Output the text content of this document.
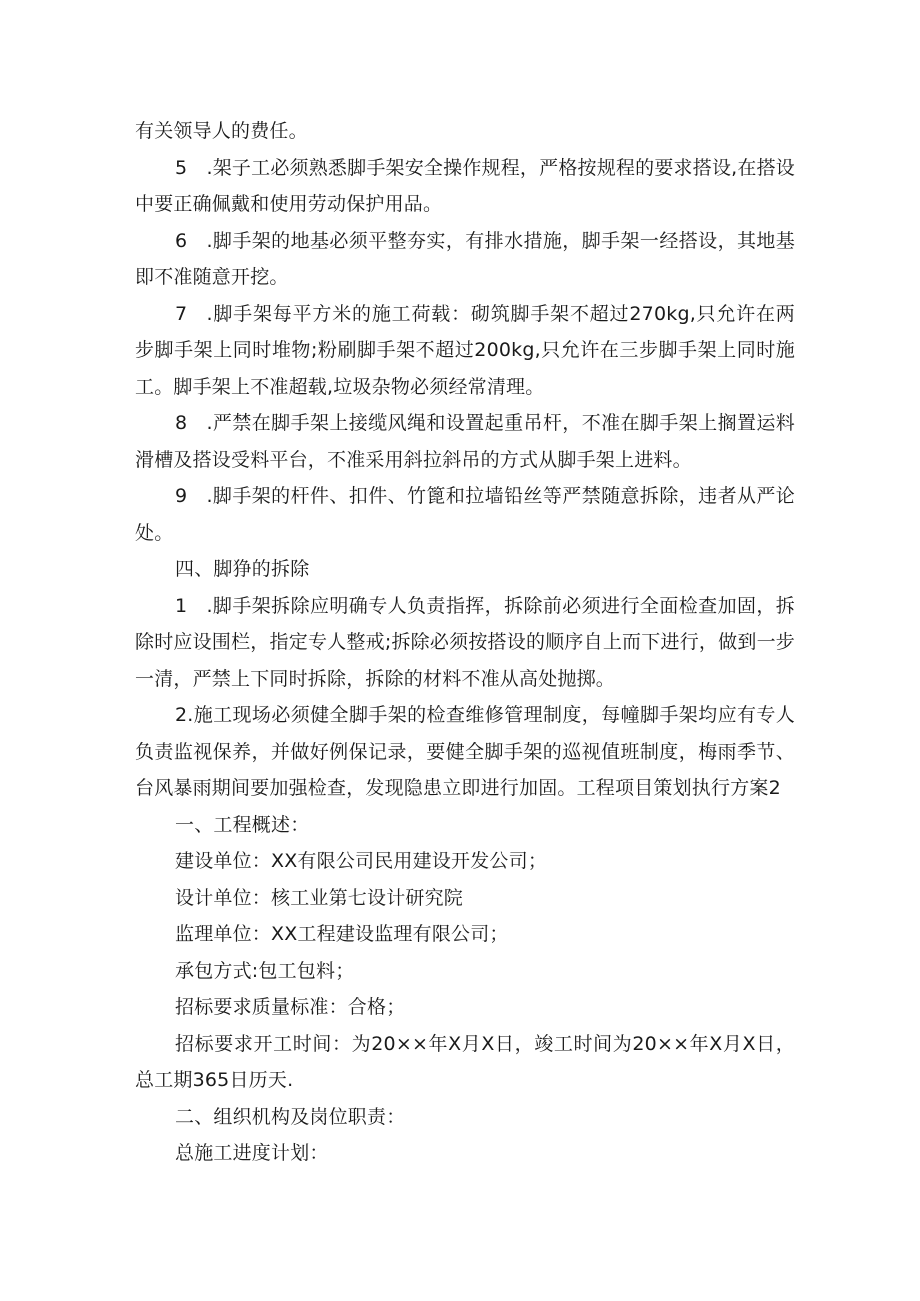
有关领导人的费任。

5 .架子工必须熟悉脚手架安全操作规程，严格按规程的要求搭设,在搭设中要正确佩戴和使用劳动保护用品。

6 .脚手架的地基必须平整夯实，有排水措施，脚手架一经搭设，其地基即不准随意开挖。

7 .脚手架每平方米的施工荷载：砌筑脚手架不超过270kg,只允许在两步脚手架上同时堆物;粉刷脚手架不超过200kg,只允许在三步脚手架上同时施工。脚手架上不准超载,垃圾杂物必须经常清理。

8 .严禁在脚手架上接缆风绳和设置起重吊杆，不准在脚手架上搁置运料滑槽及搭设受料平台，不准采用斜拉斜吊的方式从脚手架上进料。

9 .脚手架的杆件、扣件、竹篦和拉墙铅丝等严禁随意拆除，违者从严论处。

四、脚狰的拆除

1 .脚手架拆除应明确专人负责指挥，拆除前必须进行全面检查加固，拆除时应设围栏，指定专人整戒;拆除必须按搭设的顺序自上而下进行，做到一步一清，严禁上下同时拆除，拆除的材料不准从高处抛掷。

2.施工现场必须健全脚手架的检查维修管理制度，每幢脚手架均应有专人负责监视保养，并做好例保记录，要健全脚手架的巡视值班制度，梅雨季节、台风暴雨期间要加强检查，发现隐患立即进行加固。工程项目策划执行方案2

一、工程概述：

建设单位：XX有限公司民用建设开发公司；

设计单位：核工业第七设计研究院

监理单位：XX工程建设监理有限公司；

承包方式:包工包料；

招标要求质量标准：合格；

招标要求开工时间：为20××年X月X日，竣工时间为20××年X月X日，总工期365日历天.

二、组织机构及岗位职责：

总施工进度计划：
